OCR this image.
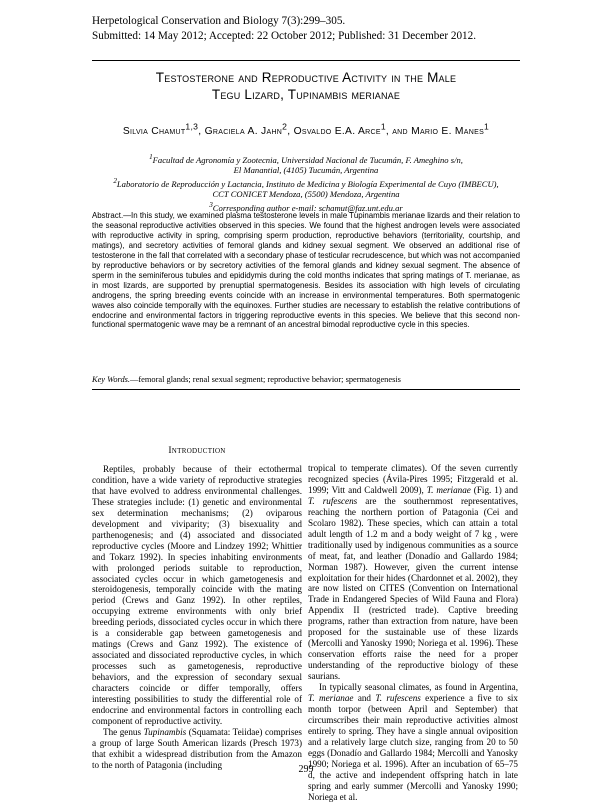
Herpetological Conservation and Biology 7(3):299–305.
Submitted: 14 May 2012; Accepted: 22 October 2012; Published: 31 December 2012.
Testosterone and Reproductive Activity in the Male
Tegu Lizard, Tupinambis merianae
Silvia Chamut$^{1,3}$, Graciela A. Jahn$^2$, Osvaldo E.A. Arce$^1$, and Mario E. Manes$^1$
$^1$Facultad de Agronomía y Zootecnia, Universidad Nacional de Tucumán, F. Ameghino s/n,
El Manantial, (4105) Tucumán, Argentina
$^2$Laboratorio de Reproducción y Lactancia, Instituto de Medicina y Biología Experimental de Cuyo (IMBECU),
CCT CONICET Mendoza, (5500) Mendoza, Argentina
$^3$Corresponding author e-mail: schamut@faz.unt.edu.ar
Abstract.—In this study, we examined plasma testosterone levels in male Tupinambis merianae lizards and their relation to the seasonal reproductive activities observed in this species. We found that the highest androgen levels were associated with reproductive activity in spring, comprising sperm production, reproductive behaviors (territoriality, courtship, and matings), and secretory activities of femoral glands and kidney sexual segment. We observed an additional rise of testosterone in the fall that correlated with a secondary phase of testicular recrudescence, but which was not accompanied by reproductive behaviors or by secretory activities of the femoral glands and kidney sexual segment. The absence of sperm in the seminiferous tubules and epididymis during the cold months indicates that spring matings of T. merianae, as in most lizards, are supported by prenuptial spermatogenesis. Besides its association with high levels of circulating androgens, the spring breeding events coincide with an increase in environmental temperatures. Both spermatogenic waves also coincide temporally with the equinoxes. Further studies are necessary to establish the relative contributions of endocrine and environmental factors in triggering reproductive events in this species. We believe that this second non-functional spermatogenic wave may be a remnant of an ancestral bimodal reproductive cycle in this species.
Key Words.—femoral glands; renal sexual segment; reproductive behavior; spermatogenesis
Introduction

Reptiles, probably because of their ectothermal condition, have a wide variety of reproductive strategies that have evolved to address environmental challenges. These strategies include: (1) genetic and environmental sex determination mechanisms; (2) oviparous development and viviparity; (3) bisexuality and parthenogenesis; and (4) associated and dissociated reproductive cycles (Moore and Lindzey 1992; Whittier and Tokarz 1992). In species inhabiting environments with prolonged periods suitable to reproduction, associated cycles occur in which gametogenesis and steroidogenesis, temporally coincide with the mating period (Crews and Ganz 1992). In other reptiles, occupying extreme environments with only brief breeding periods, dissociated cycles occur in which there is a considerable gap between gametogenesis and matings (Crews and Ganz 1992). The existence of associated and dissociated reproductive cycles, in which processes such as gametogenesis, reproductive behaviors, and the expression of secondary sexual characters coincide or differ temporally, offers interesting possibilities to study the differential role of endocrine and environmental factors in controlling each component of reproductive activity.

The genus Tupinambis (Squamata: Teiidae) comprises a group of large South American lizards (Presch 1973) that exhibit a widespread distribution from the Amazon to the north of Patagonia (including

tropical to temperate climates). Of the seven currently recognized species (Ávila-Pires 1995; Fitzgerald et al. 1999; Vitt and Caldwell 2009), T. merianae (Fig. 1) and T. rufescens are the southernmost representatives, reaching the northern portion of Patagonia (Cei and Scolaro 1982). These species, which can attain a total adult length of 1.2 m and a body weight of 7 kg , were traditionally used by indigenous communities as a source of meat, fat, and leather (Donadío and Gallardo 1984; Norman 1987). However, given the current intense exploitation for their hides (Chardonnet et al. 2002), they are now listed on CITES (Convention on International Trade in Endangered Species of Wild Fauna and Flora) Appendix II (restricted trade). Captive breeding programs, rather than extraction from nature, have been proposed for the sustainable use of these lizards (Mercolli and Yanosky 1990; Noriega et al. 1996). These conservation efforts raise the need for a proper understanding of the reproductive biology of these saurians.

In typically seasonal climates, as found in Argentina, T. merianae and T. rufescens experience a five to six month torpor (between April and September) that circumscribes their main reproductive activities almost entirely to spring. They have a single annual oviposition and a relatively large clutch size, ranging from 20 to 50 eggs (Donadío and Gallardo 1984; Mercolli and Yanosky 1990; Noriega et al. 1996). After an incubation of 65–75 d, the active and independent offspring hatch in late spring and early summer (Mercolli and Yanosky 1990; Noriega et al.

299
